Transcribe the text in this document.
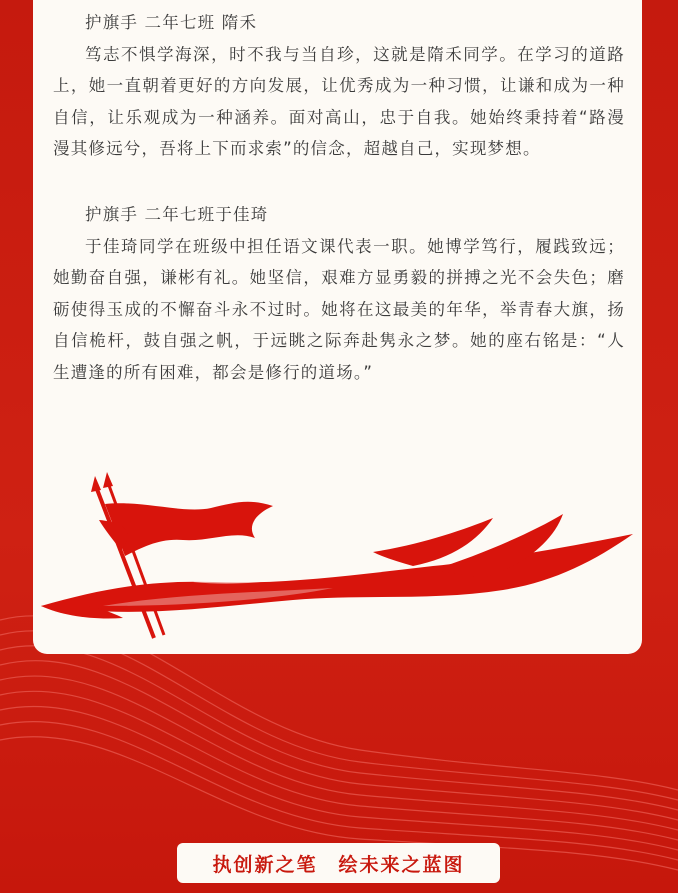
护旗手 二年七班 隋禾

笃志不惧学海深，时不我与当自珍，这就是隋禾同学。在学习的道路上，她一直朝着更好的方向发展，让优秀成为一种习惯，让谦和成为一种自信，让乐观成为一种涵养。面对高山，忠于自我。她始终秉持着“路漫漫其修远兮，吾将上下而求索”的信念，超越自己，实现梦想。

护旗手 二年七班于佳琦

于佳琦同学在班级中担任语文课代表一职。她博学笃行，履践致远；她勤奋自强，谦彬有礼。她坚信，艰难方显勇毅的拼搏之光不会失色；磨砺使得玉成的不懈奋斗永不过时。她将在这最美的年华，举青春大旗，扬自信桅杆，鼓自强之帆，于远眺之际奔赴隽永之梦。她的座右铭是：“人生遭逢的所有困难，都会是修行的道场。”

执创新之笔　绘未来之蓝图
